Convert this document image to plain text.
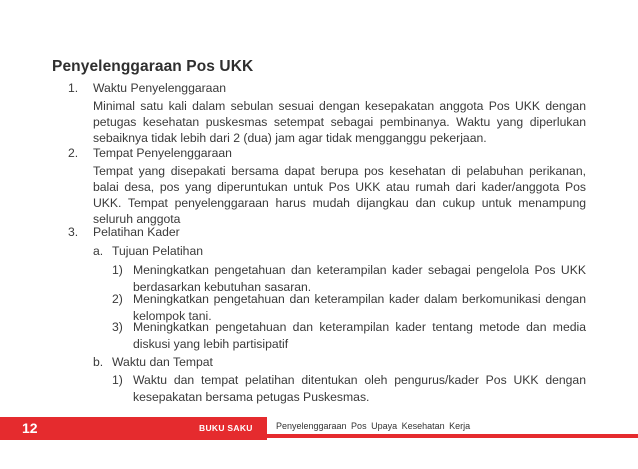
Penyelenggaraan Pos UKK
1. Waktu Penyelenggaraan
Minimal satu kali dalam sebulan sesuai dengan kesepakatan anggota Pos UKK dengan
petugas kesehatan puskesmas setempat sebagai pembinanya. Waktu yang diperlukan
sebaiknya tidak lebih dari 2 (dua) jam agar tidak mengganggu pekerjaan.
2. Tempat Penyelenggaraan
Tempat yang disepakati bersama dapat berupa pos kesehatan di pelabuhan perikanan,
balai desa, pos yang diperuntukan untuk Pos UKK atau rumah dari kader/anggota Pos
UKK. Tempat penyelenggaraan harus mudah dijangkau dan cukup untuk menampung
seluruh anggota
3. Pelatihan Kader
a. Tujuan Pelatihan
1) Meningkatkan pengetahuan dan keterampilan kader sebagai pengelola Pos UKK
berdasarkan kebutuhan sasaran.
2) Meningkatkan pengetahuan dan keterampilan kader dalam berkomunikasi dengan
kelompok tani.
3) Meningkatkan pengetahuan dan keterampilan kader tentang metode dan media
diskusi yang lebih partisipatif
b. Waktu dan Tempat
12	BUKU SAKU	Penyelenggaraan Pos Upaya Kesehatan Kerja
1) Waktu dan tempat pelatihan ditentukan oleh pengurus/kader Pos UKK dengan
kesepakatan bersama petugas Puskesmas.
